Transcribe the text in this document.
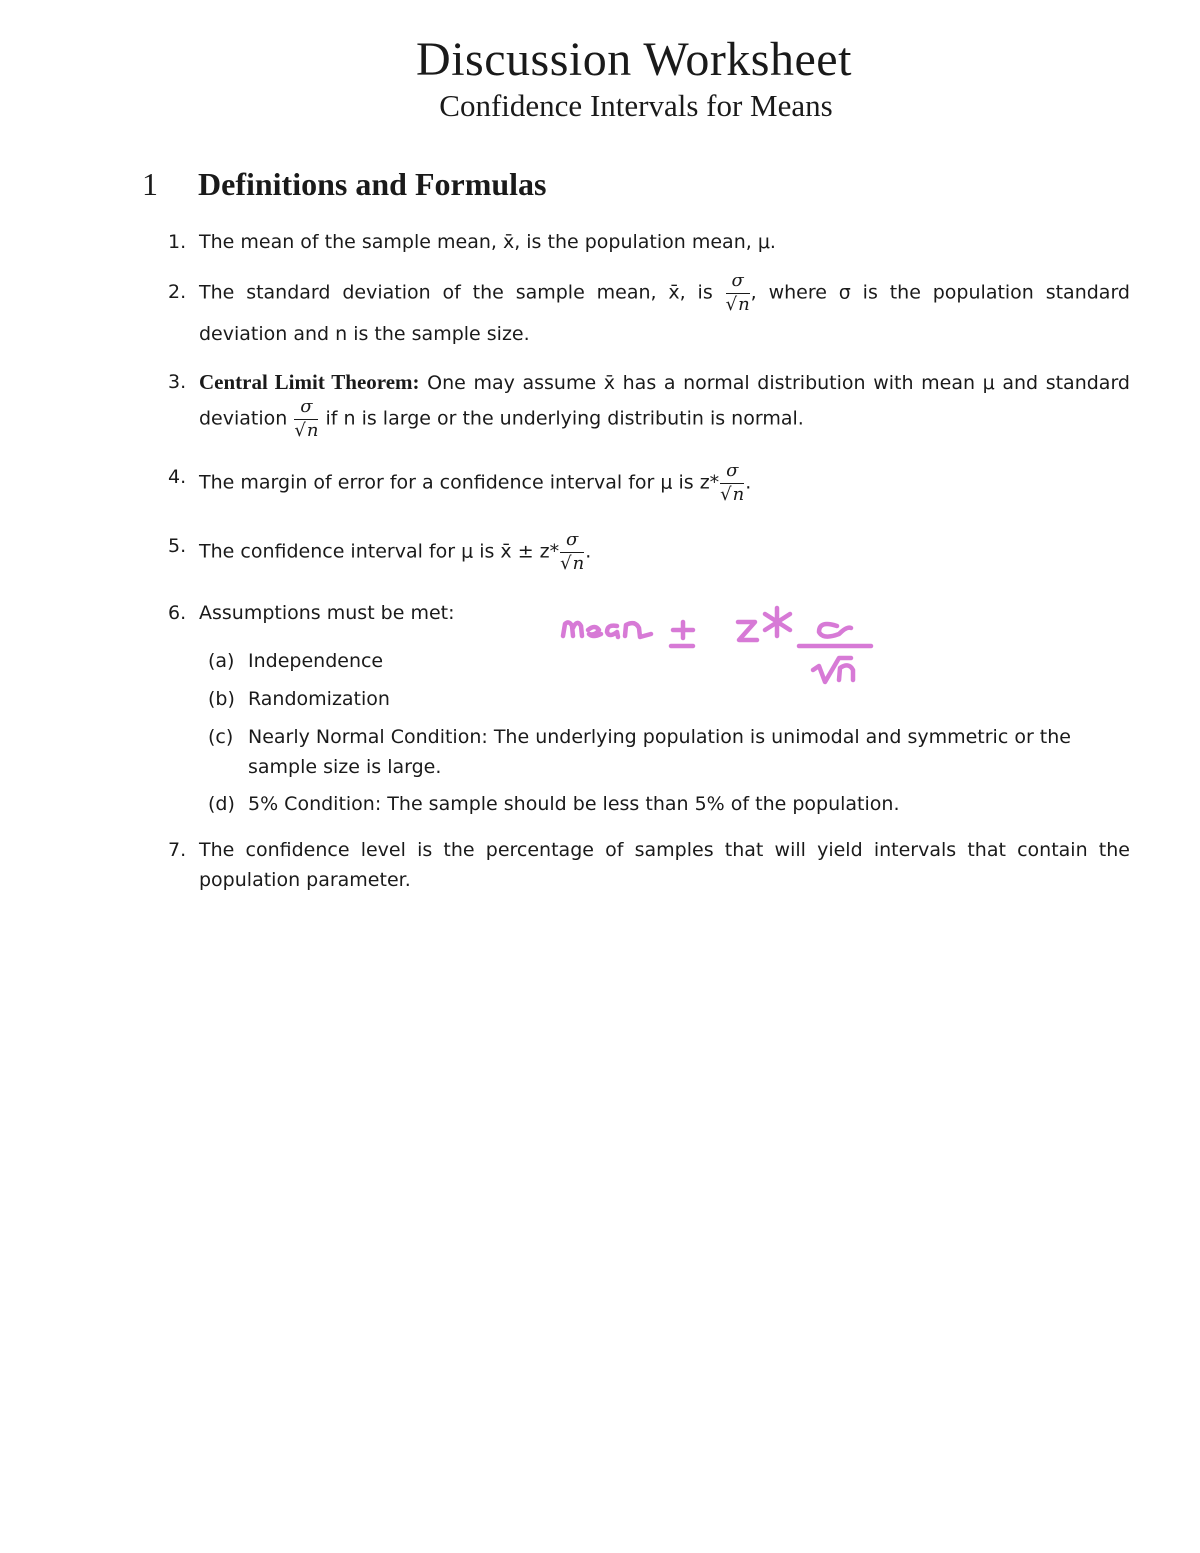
Discussion Worksheet
Confidence Intervals for Means
1 Definitions and Formulas
1. The mean of the sample mean, x̄, is the population mean, μ.
2. The standard deviation of the sample mean, x̄, is $\frac{\sigma}{√n}$ , where σ is the population standard deviation and n is the sample size.
3. Central Limit Theorem: One may assume x̄ has a normal distribution with mean μ and standard deviation $\frac{\sigma}{√n}$ if n is large or the underlying distributin is normal.
4. The margin of error for a confidence interval for μ is $z* \frac{\sigma}{√n}$ .
5. The confidence interval for μ is x̄ ± $z* \frac{\sigma}{√n}$ .
6. Assumptions must be met:
(a) Independence
(b) Randomization
(c) Nearly Normal Condition: The underlying population is unimodal and symmetric or the sample size is large.
(d) 5% Condition: The sample should be less than 5% of the population.
7. The confidence level is the percentage of samples that will yield intervals that contain the population parameter.
